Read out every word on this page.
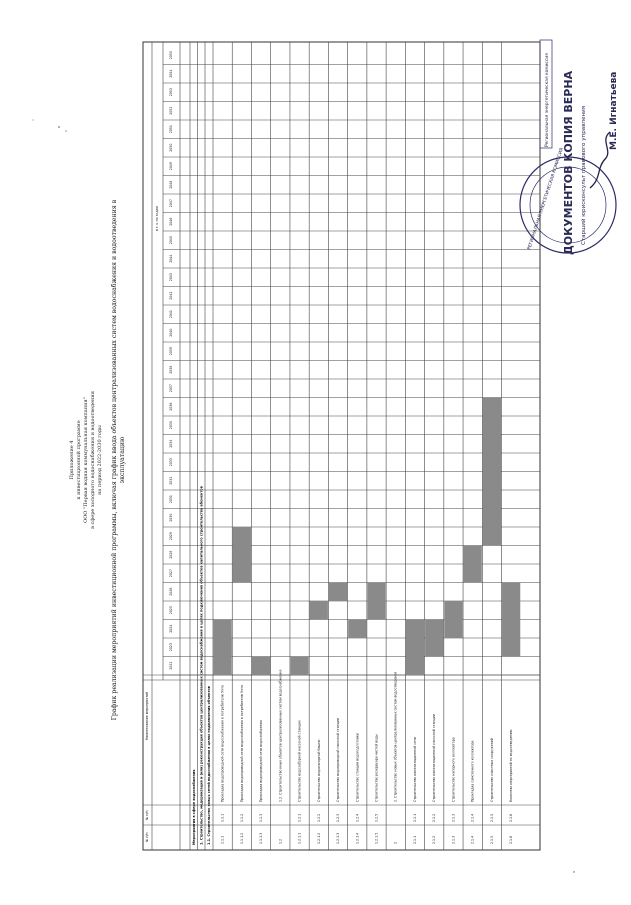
Приложение 4 к инвестиционной программе ООО "Первая водная коммунальная компания" в сфере холодного водоснабжения и водоотведения на период 2022-2030 годы График реализации мероприятий инвестиционной программы, включая график ввода объектов централизованных систем водоснабжения и водоотведения в эксплуатацию
Мероприятия в сфере водоснабжения 1. Строительство, модернизация и (или) реконструкция объектов централизованных систем водоснабжения в целях подключения объектов капитального строительства абонентов 1.1. Строительство новых сетей водоснабжения в целях подключения объектов
№ п/п
№ п/п
Наименование мероприятий
в т.ч. по годам
2022
2023
2024
2025
2026
2027
2028
2029
2030
2031
2032
2033
2034
2035
2036
2037
2038
2039
2040
2041
2042
2043
2044
2045
2046
2047
2048
2049
2050
2051
2052
2053
2054
2055
1.1.1
1.1.1
Прокладка водопроводной сети водоснабжения к потребителю Ухта
1.1.1.2
1.1.2
Прокладка водопроводной сети водоснабжения к потребителю Ухта
1.1.1.3
1.1.3
Прокладка водопроводной сети водоснабжения
1.2
1.2. Строительство иных объектов централизованных систем водоснабжения
1.2.1.1
1.2.1
Строительство водозаборной насосной станции
1.2.1.2
1.2.2
Строительство водонапорной башни
1.2.1.3
1.2.3
Строительство водопроводной насосной станции
1.2.1.4
1.2.4
Строительство станции водоподготовки
1.2.1.5
1.2.5
Строительство резервуара чистой воды
2
2. Строительство новых объектов централизованных систем водоотведения
2.1.1
2.1.1
Строительство канализационной сети
2.1.2
2.1.2
Строительство канализационной насосной станции
2.1.3
2.1.3
Строительство напорного коллектора
2.1.4
2.1.4
Прокладка самотечного коллектора
2.1.5
2.1.5
Строительство очистных сооружений
2.1.6
2.1.6
Комплекс мероприятий по водоотведению
Региональная энергетическая комиссия
РЕГИОНАЛЬНАЯ ЭНЕРГЕТИЧЕСКАЯ КОМИССИЯ
ДОКУМЕНТОВ КОПИЯ ВЕРНА Старший юрисконсульт правового управления М.Е. Игнатьева
